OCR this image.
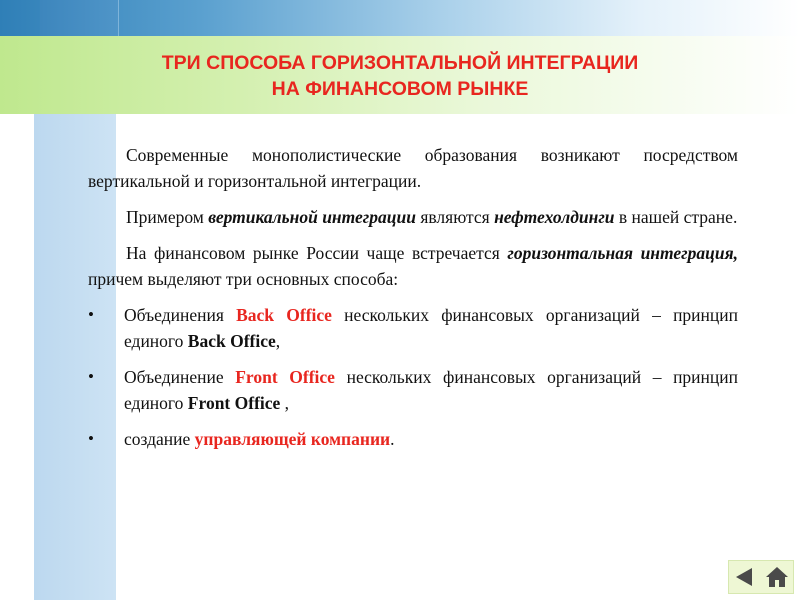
ТРИ СПОСОБА ГОРИЗОНТАЛЬНОЙ ИНТЕГРАЦИИ
НА ФИНАНСОВОМ РЫНКЕ

Современные монополистические образования возникают посредством вертикальной и горизонтальной интеграции.

Примером вертикальной интеграции являются нефтехолдинги в нашей стране.

На финансовом рынке России чаще встречается горизонтальная интеграция, причем выделяют три основных способа:

•	Объединения Back Office нескольких финансовых организаций – принцип единого Back Office,
•	Объединение Front Office нескольких финансовых организаций – принцип единого Front Office ,
•	создание управляющей компании.
